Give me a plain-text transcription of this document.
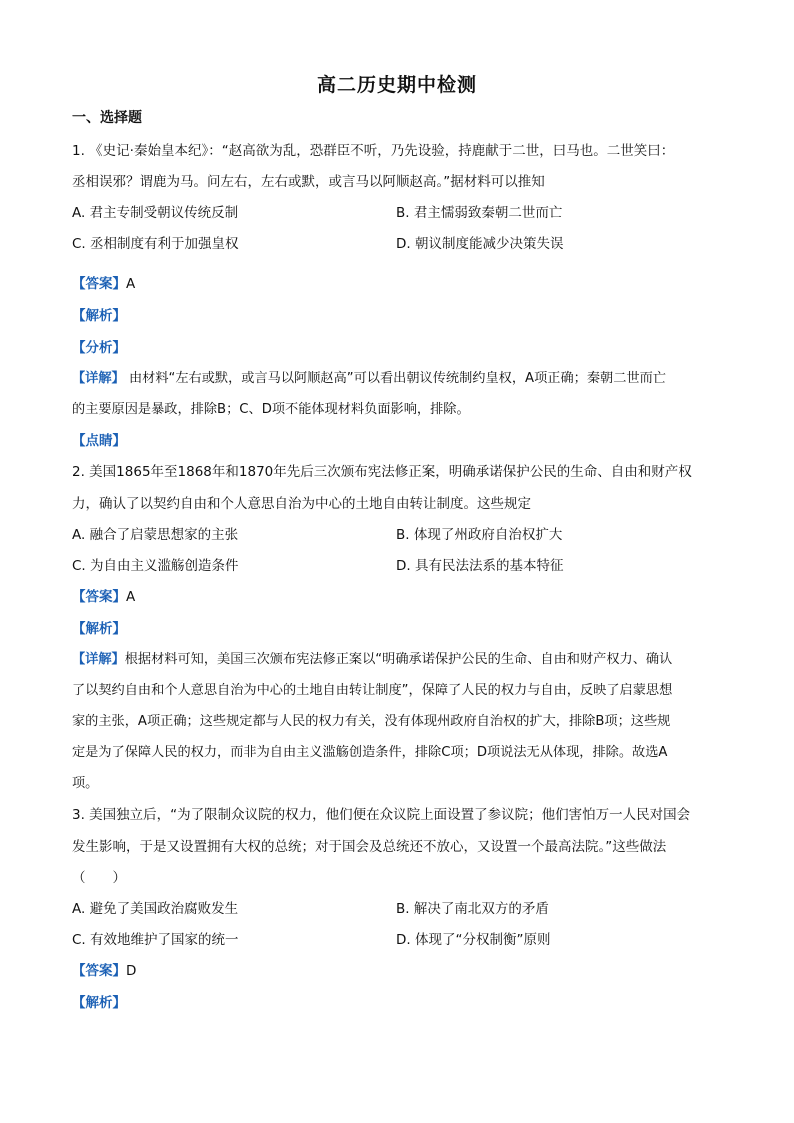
高二历史期中检测
一、选择题
1. 《史记·秦始皇本纪》：“赵高欲为乱，恐群臣不听，乃先设验，持鹿献于二世，曰马也。二世笑曰：
丞相误邪？谓鹿为马。问左右，左右或默，或言马以阿顺赵高。”据材料可以推知
A. 君主专制受朝议传统反制	B. 君主懦弱致秦朝二世而亡
C. 丞相制度有利于加强皇权	D. 朝议制度能减少决策失误
【答案】A
【解析】
【分析】
【详解】 由材料“左右或默，或言马以阿顺赵高”可以看出朝议传统制约皇权，A项正确；秦朝二世而亡
的主要原因是暴政，排除B；C、D项不能体现材料负面影响，排除。
【点睛】
2. 美国1865年至1868年和1870年先后三次颁布宪法修正案，明确承诺保护公民的生命、自由和财产权
力，确认了以契约自由和个人意思自治为中心的土地自由转让制度。这些规定
A. 融合了启蒙思想家的主张	B. 体现了州政府自治权扩大
C. 为自由主义滥觞创造条件	D. 具有民法法系的基本特征
【答案】A
【解析】
【详解】根据材料可知，美国三次颁布宪法修正案以“明确承诺保护公民的生命、自由和财产权力、确认
了以契约自由和个人意思自治为中心的土地自由转让制度”，保障了人民的权力与自由，反映了启蒙思想
家的主张，A项正确；这些规定都与人民的权力有关，没有体现州政府自治权的扩大，排除B项；这些规
定是为了保障人民的权力，而非为自由主义滥觞创造条件，排除C项；D项说法无从体现，排除。故选A
项。
3. 美国独立后，“为了限制众议院的权力，他们便在众议院上面设置了参议院；他们害怕万一人民对国会
发生影响，于是又设置拥有大权的总统；对于国会及总统还不放心，又设置一个最高法院。”这些做法
（　　）
A. 避免了美国政治腐败发生	B. 解决了南北双方的矛盾
C. 有效地维护了国家的统一	D. 体现了“分权制衡”原则
【答案】D
【解析】
